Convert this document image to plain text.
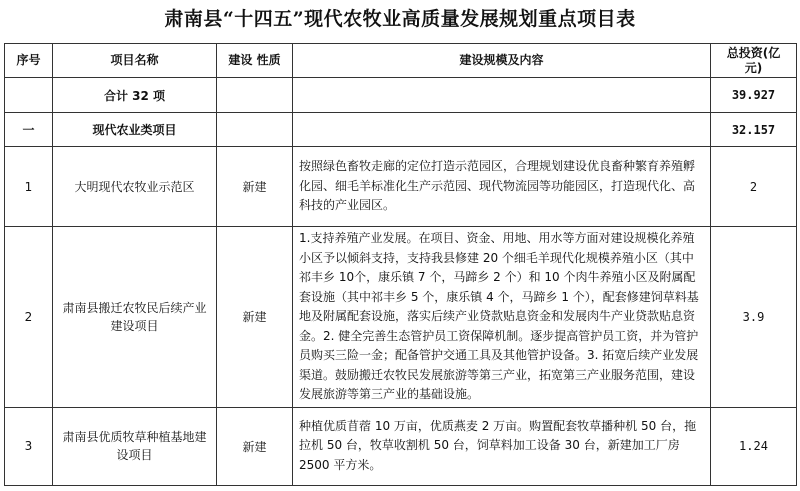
肃南县“十四五”现代农牧业高质量发展规划重点项目表
序号	项目名称	建设 性质	建设规模及内容	总投资(亿元)
	合计 32 项			39.927
一	现代农业类项目			32.157
1	大明现代农牧业示范区	新建	按照绿色畜牧走廊的定位打造示范园区，合理规划建设优良畜种繁育养殖孵化园、细毛羊标准化生产示范园、现代物流园等功能园区，打造现代化、高科技的产业园区。	2
2	肃南县搬迁农牧民后续产业建设项目	新建	1.支持养殖产业发展。在项目、资金、用地、用水等方面对建设规模化养殖小区予以倾斜支持，支持我县修建 20 个细毛羊现代化规模养殖小区（其中祁丰乡 10个，康乐镇 7 个，马蹄乡 2 个）和 10 个肉牛养殖小区及附属配套设施（其中祁丰乡 5 个，康乐镇 4 个，马蹄乡 1 个），配套修建饲草料基地及附属配套设施，落实后续产业贷款贴息资金和发展肉牛产业贷款贴息资金。2. 健全完善生态管护员工资保障机制。逐步提高管护员工资，并为管护员购买三险一金；配备管护交通工具及其他管护设备。3. 拓宽后续产业发展渠道。鼓励搬迁农牧民发展旅游等第三产业，拓宽第三产业服务范围，建设发展旅游等第三产业的基础设施。	3.9
3	肃南县优质牧草种植基地建设项目	新建	种植优质苜蓿 10 万亩，优质燕麦 2 万亩。购置配套牧草播种机 50 台，拖拉机 50 台，牧草收割机 50 台，饲草料加工设备 30 台，新建加工厂房 2500 平方米。	1.24
